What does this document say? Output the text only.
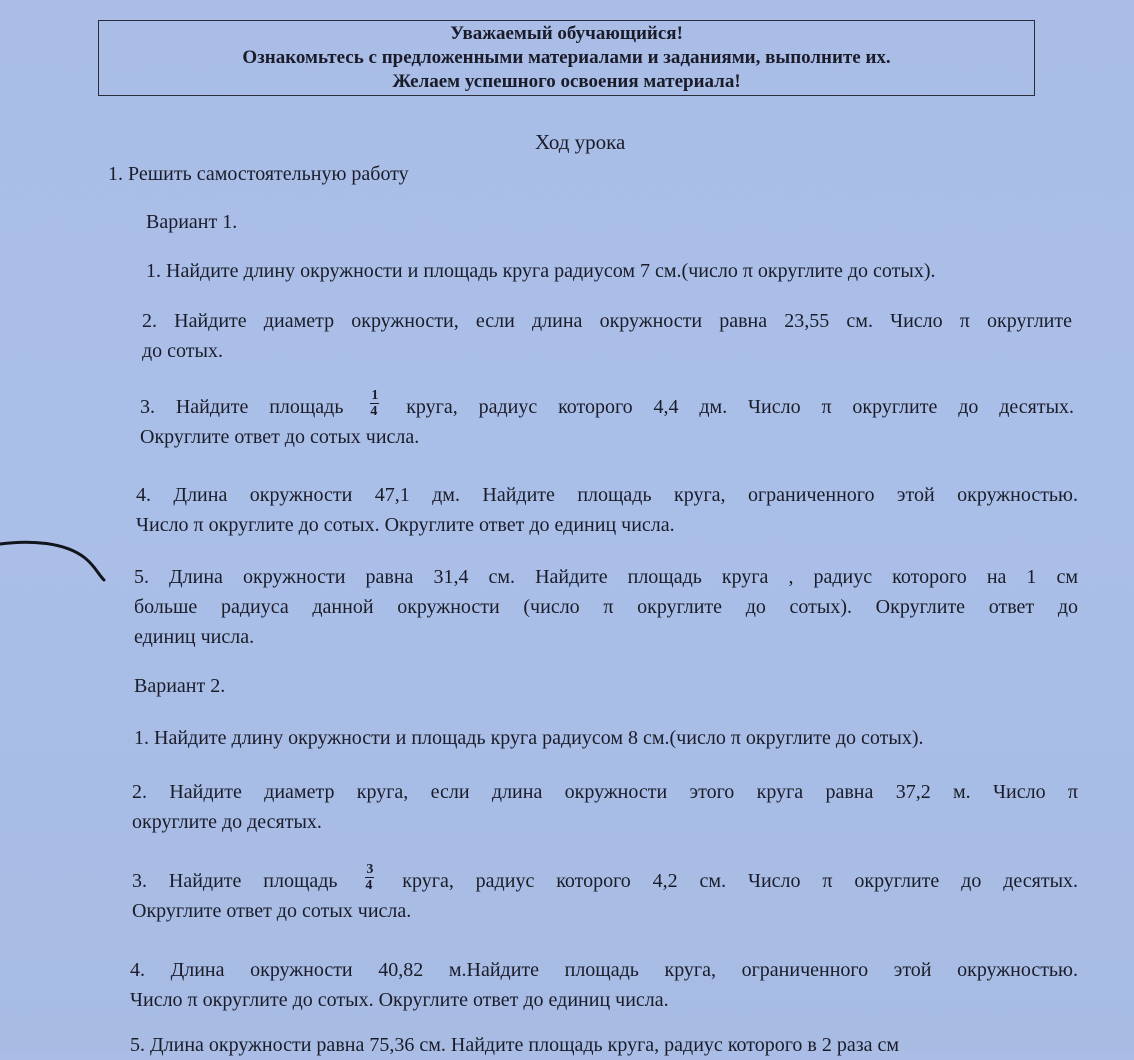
Уважаемый обучающийся!
Ознакомьтесь с предложенными материалами и заданиями, выполните их.
Желаем успешного освоения материала!
Ход урока
1. Решить самостоятельную работу
Вариант 1.
1. Найдите длину окружности и площадь круга радиусом 7 см.(число π округлите до сотых).
2. Найдите диаметр окружности, если длина окружности равна 23,55 см. Число π округлите
до сотых.
3. Найдите площадь $\frac{1}{4}$ круга, радиус которого 4,4 дм. Число π округлите до десятых.
Округлите ответ до сотых числа.
4. Длина окружности 47,1 дм. Найдите площадь круга, ограниченного этой окружностью.
Число π округлите до сотых. Округлите ответ до единиц числа.
5. Длина окружности равна 31,4 см. Найдите площадь круга , радиус которого на 1 см
больше радиуса данной окружности (число π округлите до сотых). Округлите ответ до
единиц числа.
Вариант 2.
1. Найдите длину окружности и площадь круга радиусом 8 см.(число π округлите до сотых).
2. Найдите диаметр круга, если длина окружности этого круга равна 37,2 м. Число π
округлите до десятых.
3. Найдите площадь $\frac{3}{4}$ круга, радиус которого 4,2 см. Число π округлите до десятых.
Округлите ответ до сотых числа.
4. Длина окружности 40,82 м.Найдите площадь круга, ограниченного этой окружностью.
Число π округлите до сотых. Округлите ответ до единиц числа.
5. Длина окружности равна 75,36 см. Найдите площадь круга, радиус которого в 2 раза см
